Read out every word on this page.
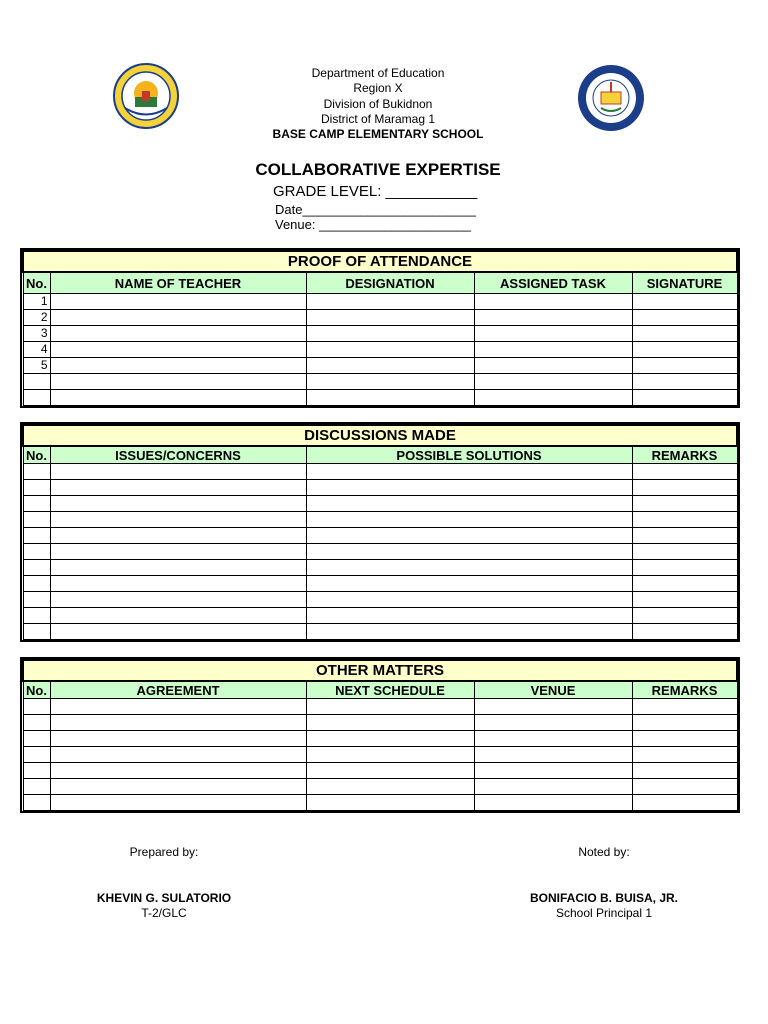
Department of Education
Region X
Division of Bukidnon
District of Maramag 1
BASE CAMP ELEMENTARY SCHOOL
COLLABORATIVE EXPERTISE
GRADE LEVEL: ___________
Date________________________
Venue: _____________________
PROOF OF ATTENDANCE				
No.	NAME OF TEACHER	DESIGNATION	ASSIGNED TASK	SIGNATURE
1				
2				
3				
4				
5				

DISCUSSIONS MADE			
No.	ISSUES/CONCERNS	POSSIBLE SOLUTIONS	REMARKS

OTHER MATTERS				
No.	AGREEMENT	NEXT SCHEDULE	VENUE	REMARKS

Prepared by:
KHEVIN G. SULATORIO
T-2/GLC
Noted by:
BONIFACIO B. BUISA, JR.
School Principal 1
